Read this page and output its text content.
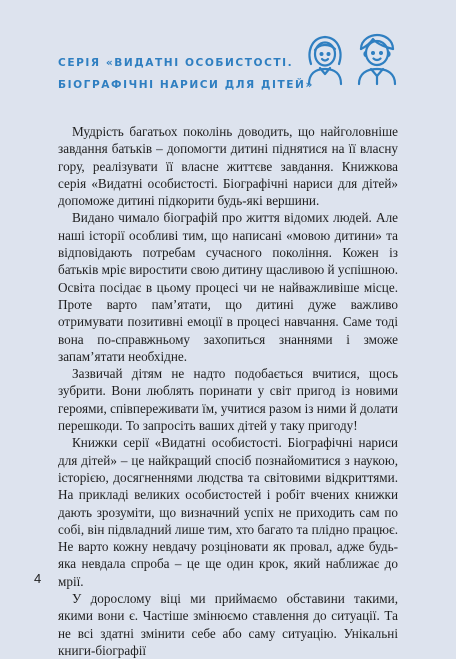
СЕРІЯ «ВИДАТНІ ОСОБИСТОСТІ.
БІОГРАФІЧНІ НАРИСИ ДЛЯ ДІТЕЙ»

Мудрість багатьох поколінь доводить, що найголовніше завдання батьків – допомогти дитині піднятися на її власну гору, реалізувати її власне життєве завдання. Книжкова серія «Видатні особистості. Біографічні нариси для дітей» допоможе дитині підкорити будь-які вершини.

Видано чимало біографій про життя відомих людей. Але наші історії особливі тим, що написані «мовою дитини» та відповідають потребам сучасного покоління. Кожен із батьків мріє виростити свою дитину щасливою й успішною. Освіта посідає в цьому процесі чи не найважливіше місце. Проте варто пам’ятати, що дитині дуже важливо отримувати позитивні емоції в процесі навчання. Саме тоді вона по-справжньому захопиться знаннями і зможе запам’ятати необхідне.

Зазвичай дітям не надто подобається вчитися, щось зубрити. Вони люблять поринати у світ пригод із новими героями, співпереживати їм, учитися разом із ними й долати перешкоди. То запросіть ваших дітей у таку пригоду!

Книжки серії «Видатні особистості. Біографічні нариси для дітей» – це найкращий спосіб познайомитися з наукою, історією, досягненнями людства та світовими відкриттями. На прикладі великих особистостей і робіт вчених книжки дають зрозуміти, що визначний успіх не приходить сам по собі, він підвладний лише тим, хто багато та плідно працює. Не варто кожну невдачу розціновати як провал, адже будь-яка невдала спроба – це ще один крок, який наближає до мрії.

У дорослому віці ми приймаємо обставини такими, якими вони є. Частіше змінюємо ставлення до ситуації. Та не всі здатні змінити себе або саму ситуацію. Унікальні книги-біографії

4
